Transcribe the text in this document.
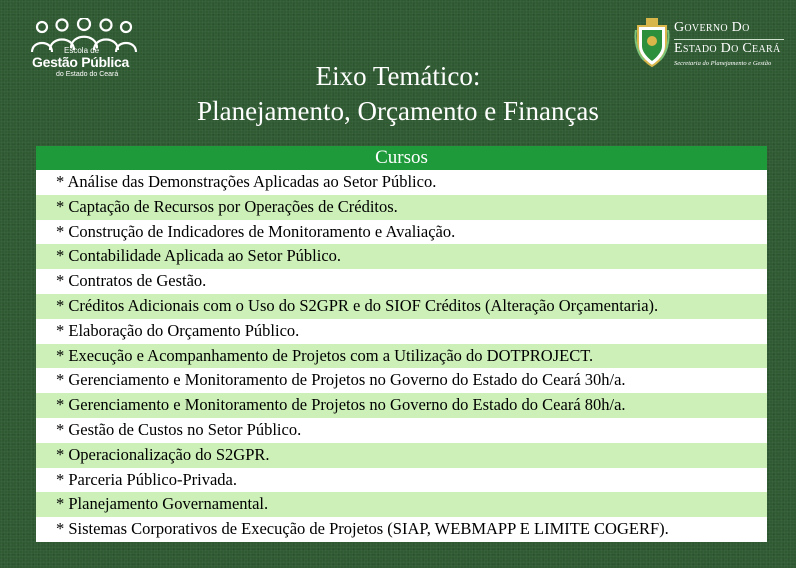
Escola de
Gestão Pública
do Estado do Ceará
Governo Do
Estado Do Ceará
Secretaria do Planejamento e Gestão
Eixo Temático:
Planejamento, Orçamento e Finanças
Cursos
* Análise das Demonstrações Aplicadas ao Setor Público.
* Captação de Recursos por Operações de Créditos.
* Construção de Indicadores de Monitoramento e Avaliação.
* Contabilidade Aplicada ao Setor Público.
* Contratos de Gestão.
* Créditos Adicionais com o Uso do S2GPR e do SIOF Créditos (Alteração Orçamentaria).
* Elaboração do Orçamento Público.
* Execução e Acompanhamento de Projetos com a Utilização do DOTPROJECT.
* Gerenciamento e Monitoramento de Projetos no Governo do Estado do Ceará 30h/a.
* Gerenciamento e Monitoramento de Projetos no Governo do Estado do Ceará 80h/a.
* Gestão de Custos no Setor Público.
* Operacionalização do S2GPR.
* Parceria Público-Privada.
* Planejamento Governamental.
* Sistemas Corporativos de Execução de Projetos (SIAP, WEBMAPP E LIMITE COGERF).
